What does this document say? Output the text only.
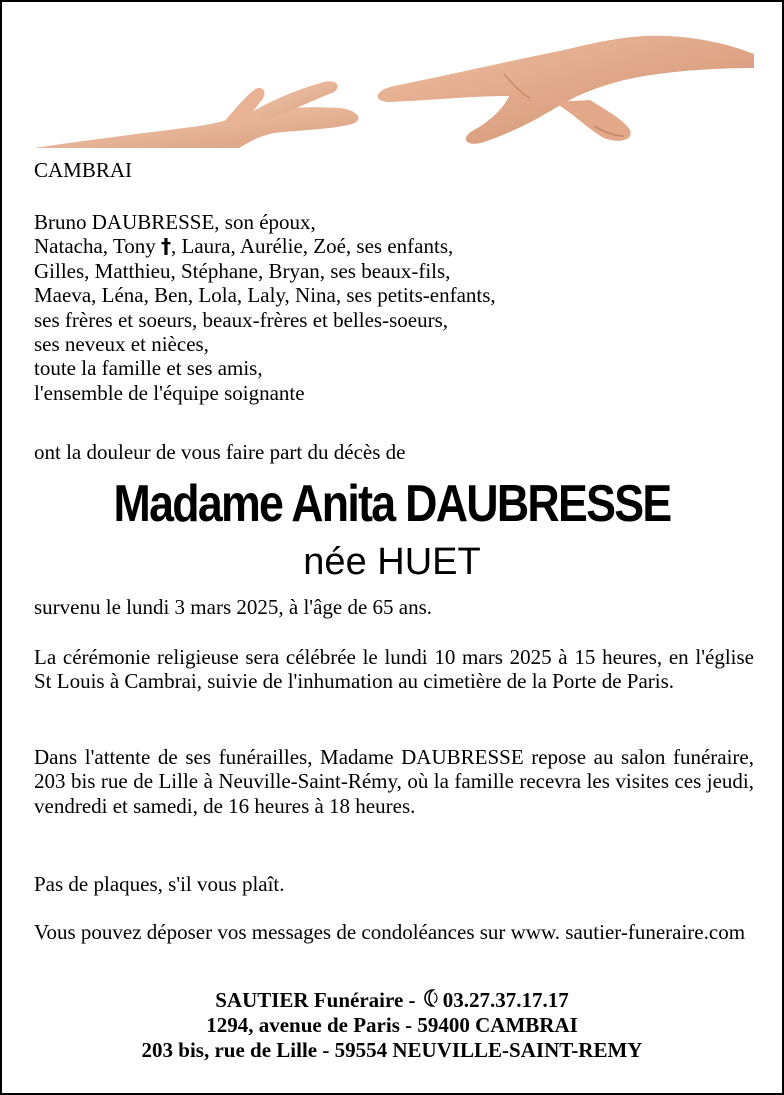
CAMBRAI
Bruno DAUBRESSE, son époux,
Natacha, Tony †, Laura, Aurélie, Zoé, ses enfants,
Gilles, Matthieu, Stéphane, Bryan, ses beaux-fils,
Maeva, Léna, Ben, Lola, Laly, Nina, ses petits-enfants,
ses frères et soeurs, beaux-frères et belles-soeurs,
ses neveux et nièces,
toute la famille et ses amis,
l'ensemble de l'équipe soignante
ont la douleur de vous faire part du décès de
Madame Anita DAUBRESSE
née HUET
survenu le lundi 3 mars 2025, à l'âge de 65 ans.
La cérémonie religieuse sera célébrée le lundi 10 mars 2025 à 15 heures, en l'église St Louis à Cambrai, suivie de l'inhumation au cimetière de la Porte de Paris.
Dans l'attente de ses funérailles, Madame DAUBRESSE repose au salon funéraire, 203 bis rue de Lille à Neuville-Saint-Rémy, où la famille recevra les visites ces jeudi, vendredi et samedi, de 16 heures à 18 heures.
Pas de plaques, s'il vous plaît.
Vous pouvez déposer vos messages de condoléances sur www. sautier-funeraire.com
SAUTIER Funéraire - 03.27.37.17.17
1294, avenue de Paris - 59400 CAMBRAI
203 bis, rue de Lille - 59554 NEUVILLE-SAINT-REMY
